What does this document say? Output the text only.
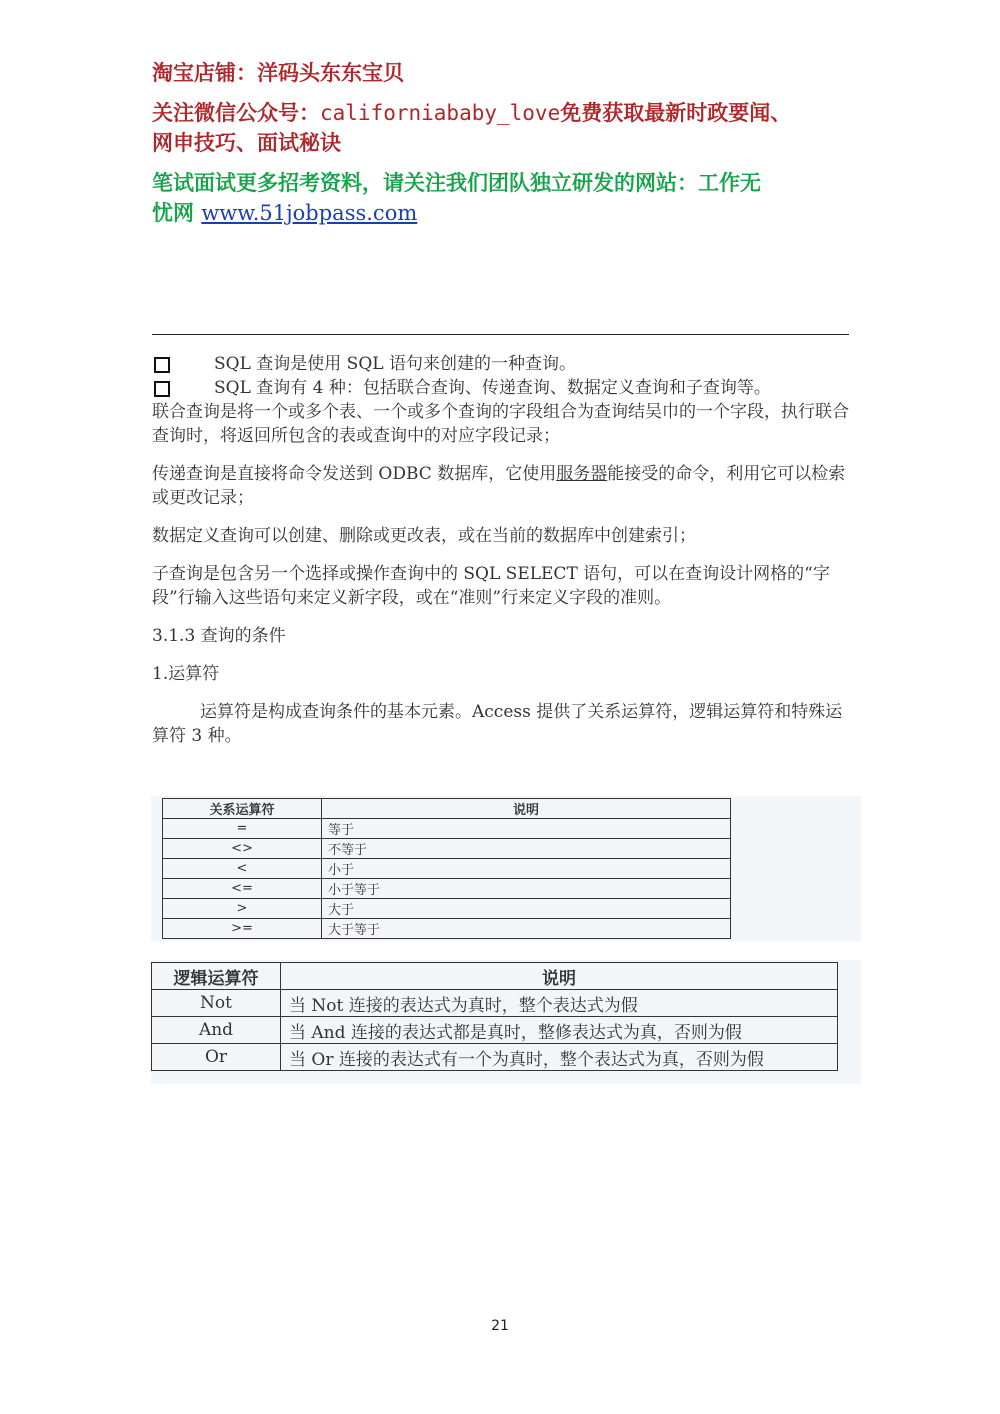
淘宝店铺：洋码头东东宝贝
关注微信公众号：californiababy_love免费获取最新时政要闻、
网申技巧、面试秘诀
笔试面试更多招考资料，请关注我们团队独立研发的网站：工作无
忧网 www.51jobpass.com
SQL 查询是使用 SQL 语句来创建的一种查询。
SQL 查询有 4 种：包括联合查询、传递查询、数据定义查询和子查询等。

联合查询是将一个或多个表、一个或多个查询的字段组合为查询结吴巾的一个字段，执行联合查询时，将返回所包含的表或查询中的对应字段记录；

传递查询是直接将命令发送到 ODBC 数据库，它使用服务器能接受的命令，利用它可以检索或更改记录；

数据定义查询可以创建、删除或更改表，或在当前的数据库中创建索引；

子查询是包含另一个选择或操作查询中的 SQL SELECT 语句，可以在查询设计网格的“字段”行输入这些语句来定义新字段，或在“准则”行来定义字段的准则。

3.1.3 查询的条件

1.运算符

运算符是构成查询条件的基本元素。Access 提供了关系运算符，逻辑运算符和特殊运算符 3 种。

关系运算符	说明
=	等于
<>	不等于
<	小于
<=	小于等于
>	大于
>=	大于等于
逻辑运算符	说明
Not	当 Not 连接的表达式为真时，整个表达式为假
And	当 And 连接的表达式都是真时，整修表达式为真，否则为假
Or	当 Or 连接的表达式有一个为真时，整个表达式为真，否则为假
21
